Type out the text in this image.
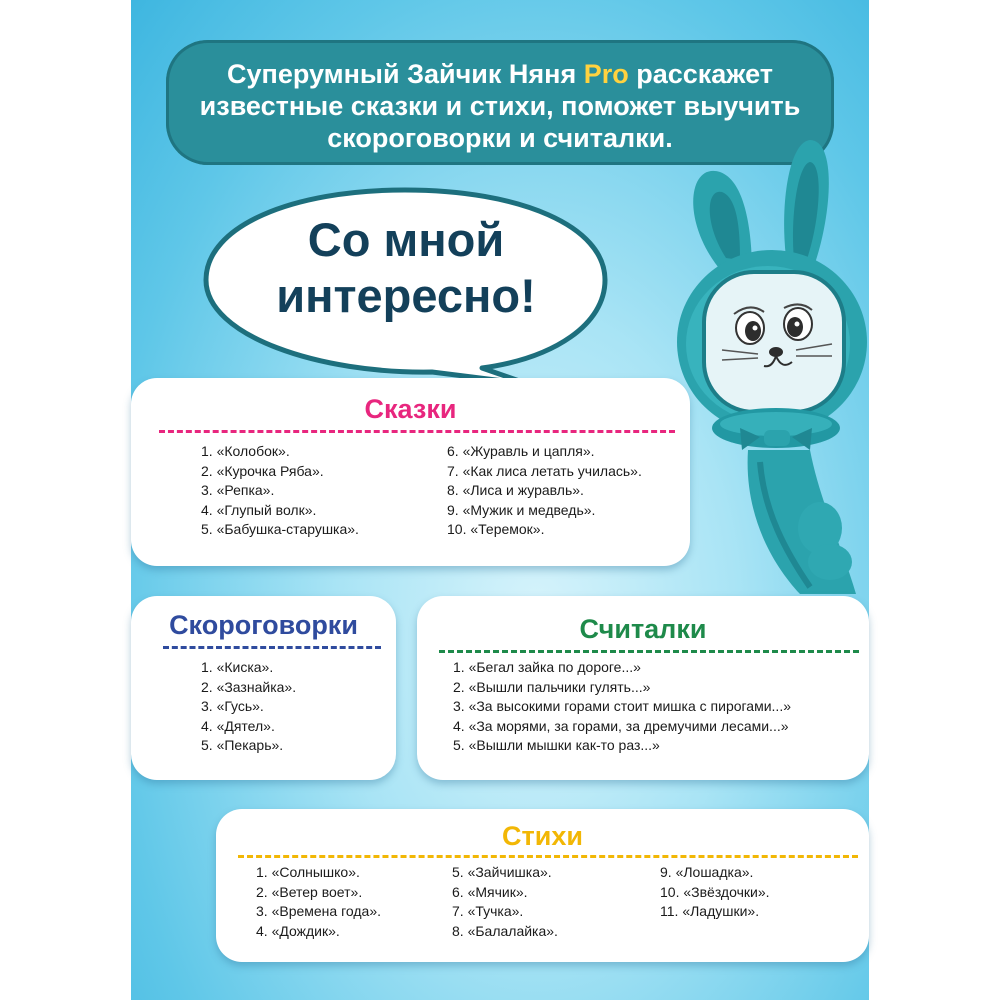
Суперумный Зайчик Няня Pro расскажет
известные сказки и стихи, поможет выучить
скороговорки и считалки.
Со мной
интересно!
Сказки
1. «Колобок».
2. «Курочка Ряба».
3. «Репка».
4. «Глупый волк».
5. «Бабушка-старушка».
6. «Журавль и цапля».
7. «Как лиса летать училась».
8. «Лиса и журавль».
9. «Мужик и медведь».
10. «Теремок».
Скороговорки
1. «Киска».
2. «Зазнайка».
3. «Гусь».
4. «Дятел».
5. «Пекарь».
Считалки
1. «Бегал зайка по дороге...»
2. «Вышли пальчики гулять...»
3. «За высокими горами стоит мишка с пирогами...»
4. «За морями, за горами, за дремучими лесами...»
5. «Вышли мышки как-то раз...»
Стихи
1. «Солнышко».
2. «Ветер воет».
3. «Времена года».
4. «Дождик».
5. «Зайчишка».
6. «Мячик».
7. «Тучка».
8. «Балалайка».
9. «Лошадка».
10. «Звёздочки».
11. «Ладушки».
